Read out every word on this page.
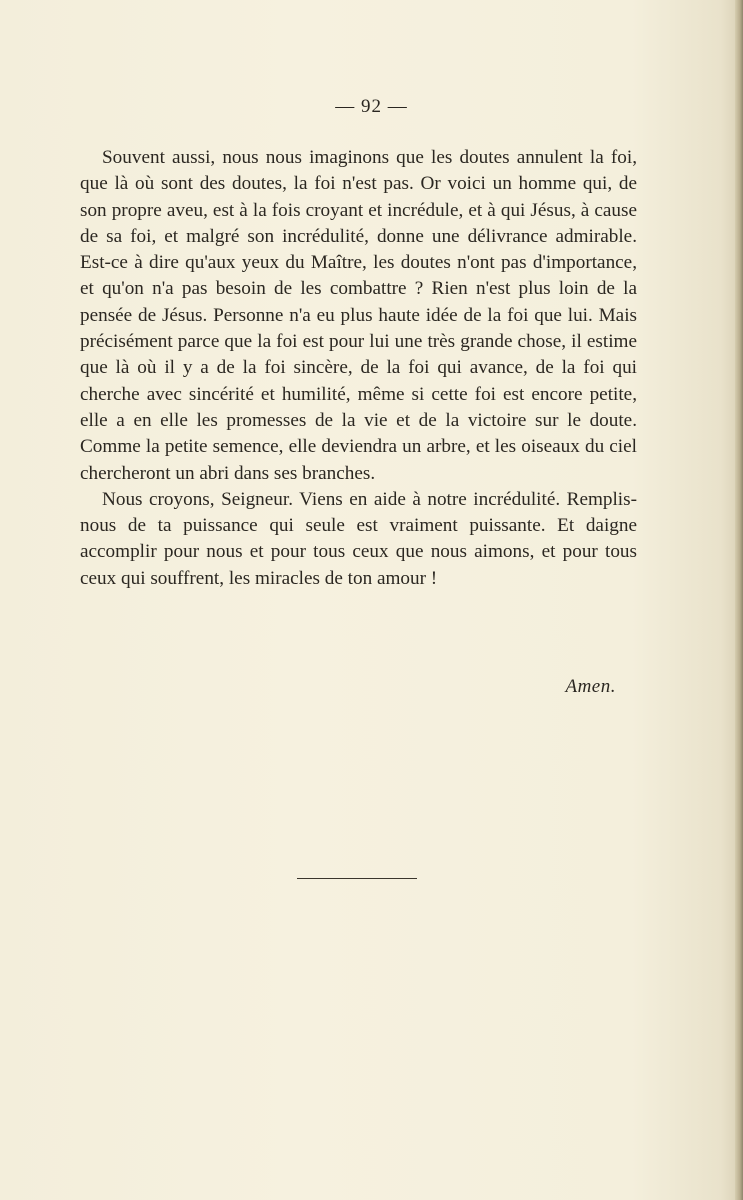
— 92 —

Souvent aussi, nous nous imaginons que les doutes annulent la foi, que là où sont des doutes, la foi n'est pas. Or voici un homme qui, de son propre aveu, est à la fois croyant et incrédule, et à qui Jésus, à cause de sa foi, et malgré son incrédulité, donne une délivrance admirable. Est-ce à dire qu'aux yeux du Maître, les doutes n'ont pas d'importance, et qu'on n'a pas besoin de les combattre ? Rien n'est plus loin de la pensée de Jésus. Personne n'a eu plus haute idée de la foi que lui. Mais précisément parce que la foi est pour lui une très grande chose, il estime que là où il y a de la foi sincère, de la foi qui avance, de la foi qui cherche avec sincérité et humilité, même si cette foi est encore petite, elle a en elle les promesses de la vie et de la victoire sur le doute. Comme la petite semence, elle deviendra un arbre, et les oiseaux du ciel chercheront un abri dans ses branches.

Nous croyons, Seigneur. Viens en aide à notre incrédulité. Remplis-nous de ta puissance qui seule est vraiment puissante. Et daigne accomplir pour nous et pour tous ceux que nous aimons, et pour tous ceux qui souffrent, les miracles de ton amour !

Amen.
